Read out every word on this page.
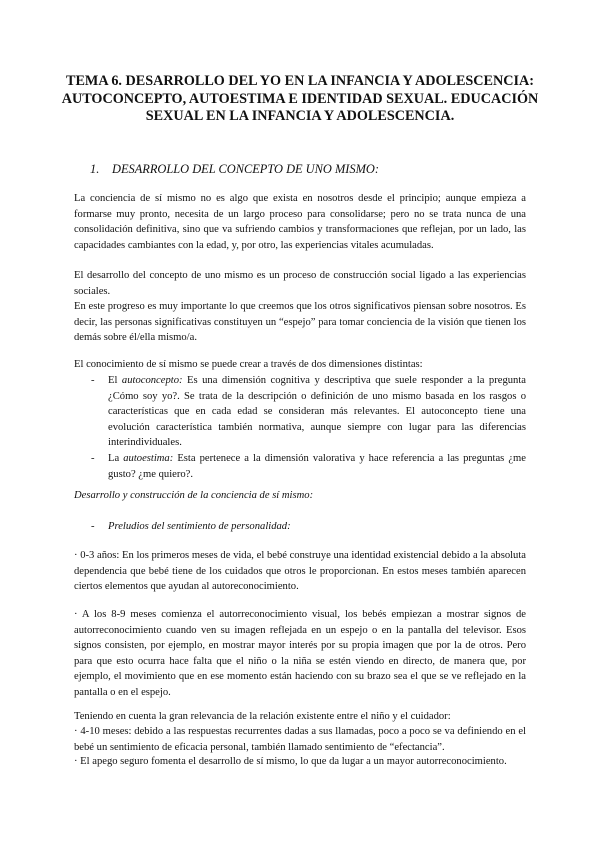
TEMA 6. DESARROLLO DEL YO EN LA INFANCIA Y ADOLESCENCIA: AUTOCONCEPTO, AUTOESTIMA E IDENTIDAD SEXUAL. EDUCACIÓN SEXUAL EN LA INFANCIA Y ADOLESCENCIA.
1. DESARROLLO DEL CONCEPTO DE UNO MISMO:

La conciencia de sí mismo no es algo que exista en nosotros desde el principio; aunque empieza a formarse muy pronto, necesita de un largo proceso para consolidarse; pero no se trata nunca de una consolidación definitiva, sino que va sufriendo cambios y transformaciones que reflejan, por un lado, las capacidades cambiantes con la edad, y, por otro, las experiencias vitales acumuladas.

El desarrollo del concepto de uno mismo es un proceso de construcción social ligado a las experiencias sociales.

En este progreso es muy importante lo que creemos que los otros significativos piensan sobre nosotros. Es decir, las personas significativas constituyen un “espejo” para tomar conciencia de la visión que tienen los demás sobre él/ella mismo/a.

El conocimiento de sí mismo se puede crear a través de dos dimensiones distintas:

- El autoconcepto: Es una dimensión cognitiva y descriptiva que suele responder a la pregunta ¿Cómo soy yo?. Se trata de la descripción o definición de uno mismo basada en los rasgos o características que en cada edad se consideran más relevantes. El autoconcepto tiene una evolución característica también normativa, aunque siempre con lugar para las diferencias interindividuales.
- La autoestima: Esta pertenece a la dimensión valorativa y hace referencia a las preguntas ¿me gusto? ¿me quiero?.
Desarrollo y construcción de la conciencia de sí mismo:
- Preludios del sentimiento de personalidad:

· 0-3 años: En los primeros meses de vida, el bebé construye una identidad existencial debido a la absoluta dependencia que bebé tiene de los cuidados que otros le proporcionan. En estos meses también aparecen ciertos elementos que ayudan al autoreconocimiento.

· A los 8-9 meses comienza el autorreconocimiento visual, los bebés empiezan a mostrar signos de autorreconocimiento cuando ven su imagen reflejada en un espejo o en la pantalla del televisor. Esos signos consisten, por ejemplo, en mostrar mayor interés por su propia imagen que por la de otros. Pero para que esto ocurra hace falta que el niño o la niña se estén viendo en directo, de manera que, por ejemplo, el movimiento que en ese momento están haciendo con su brazo sea el que se ve reflejado en la pantalla o en el espejo.

Teniendo en cuenta la gran relevancia de la relación existente entre el niño y el cuidador:

· 4-10 meses: debido a las respuestas recurrentes dadas a sus llamadas, poco a poco se va definiendo en el bebé un sentimiento de eficacia personal, también llamado sentimiento de “efectancia”.

· El apego seguro fomenta el desarrollo de sí mismo, lo que da lugar a un mayor autorreconocimiento.
